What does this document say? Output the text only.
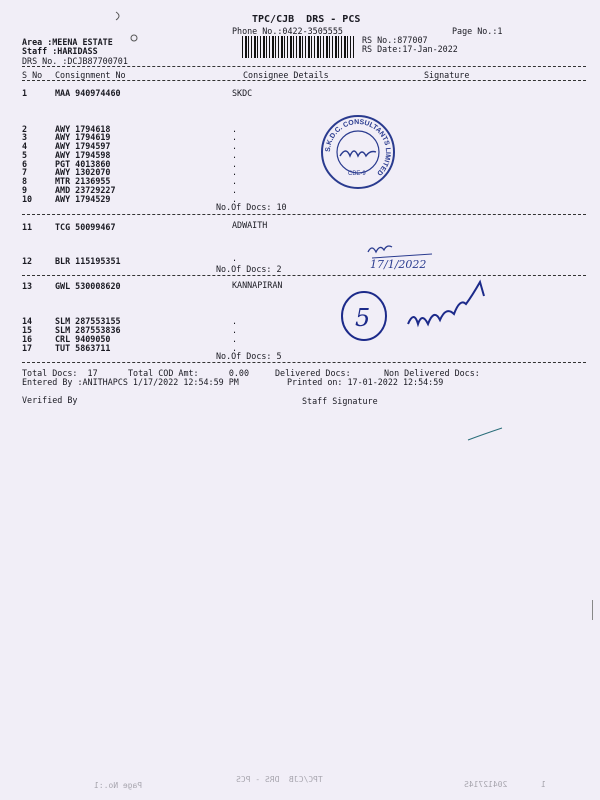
TPC/CJB  DRS - PCS
Phone No.:0422-3505555	Page No.:1
Area :MEENA ESTATE
Staff :HARIDASS
DRS No. :DCJB87700701
RS No.:877007
RS Date:17-Jan-2022
S No Consignment No	Consignee Details	Signature
1	MAA 940974460	SKDC
2	AWY 1794618	.
3	AWY 1794619	.
4	AWY 1794597	.
5	AWY 1794598	.
6	PGT 4013860	.
7	AWY 1302070	.
8	MTR 2136955	.
9	AMD 23729227	.
10	AWY 1794529	.
No.Of Docs: 10
11	TCG 50099467	ADWAITH
12	BLR 115195351	.
No.Of Docs: 2
13	GWL 530008620	KANNAPIRAN
14	SLM 287553155	.
15	SLM 287553836	.
16	CRL 9409050	.
17	TUT 5863711	.
No.Of Docs: 5
Total Docs:  17	Total COD Amt:      0.00	Delivered Docs:	Non Delivered Docs:
Entered By :ANITHAPCS 1/17/2022 12:54:59 PM	Printed on: 17-01-2022 12:54:59
Verified By	Staff Signature
S.K.D.C. CONSULTANTS LIMITED
CBE-9
17/1/2022
5
1       20412714S
TPC/CJB  DRS - PCS
Page No.:1
